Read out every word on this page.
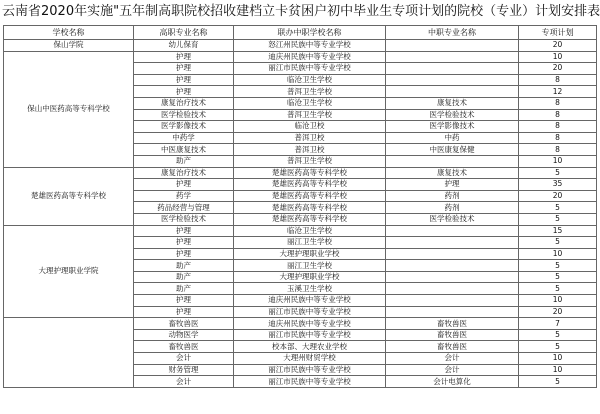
云南省2020年实施"五年制高职院校招收建档立卡贫困户初中毕业生专项计划的院校（专业）计划安排表
学校名称	高职专业名称	联办中职学校名称	中职专业名称	专项计划
保山学院	幼儿保育	怒江州民族中等专业学校		20
保山中医药高等专科学校	护理	迪庆州民族中等专业学校		10
	护理	丽江市民族中等专业学校		20
	护理	临沧卫生学校		8
	护理	普洱卫生学校		12
	康复治疗技术	临沧卫生学校	康复技术	8
	医学检验技术	普洱卫生学校	医学检验技术	8
	医学影像技术	临沧卫校	医学影像技术	8
	中药学	普洱卫校	中药	8
	中医康复技术	普洱卫校	中医康复保健	8
	助产	普洱卫生学校		10
楚雄医药高等专科学校	康复治疗技术	楚雄医药高等专科学校	康复技术	5
	护理	楚雄医药高等专科学校	护理	35
	药学	楚雄医药高等专科学校	药剂	20
	药品经营与管理	楚雄医药高等专科学校	药剂	5
	医学检验技术	楚雄医药高等专科学校	医学检验技术	5
大理护理职业学院	护理	临沧卫生学校		15
	护理	丽江卫生学校		5
	护理	大理护理职业学校		10
	助产	丽江卫生学校		5
	助产	大理护理职业学校		5
	助产	玉溪卫生学校		5
	护理	迪庆州民族中等专业学校		10
	护理	丽江市民族中等专业学校		20
	畜牧兽医	迪庆州民族中等专业学校	畜牧兽医	7
	动物医学	丽江市民族中等专业学校	畜牧兽医	5
	畜牧兽医	校本部、大理农业学校	畜牧兽医	5
	会计	大理州财贸学校	会计	10
	财务管理	丽江市民族中等专业学校	会计	10
	会计	丽江市民族中等专业学校	会计电算化	5
